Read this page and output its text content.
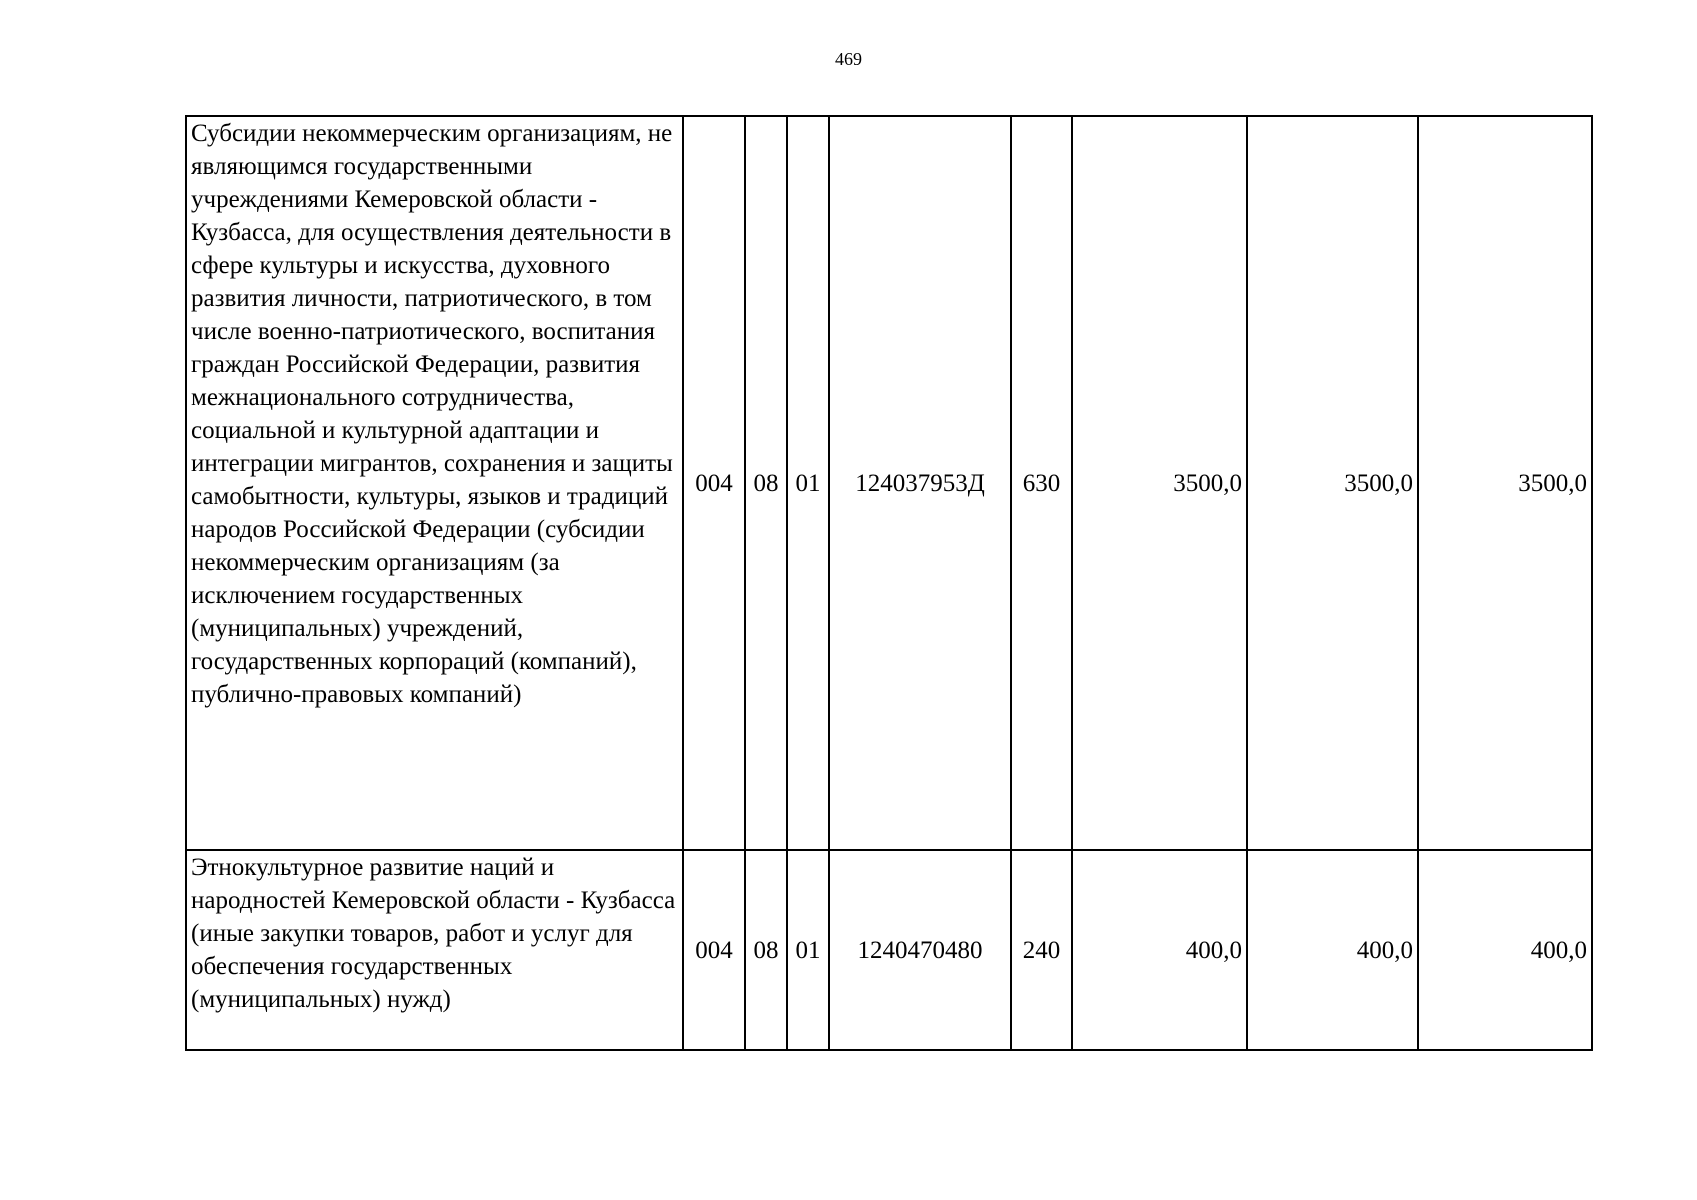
469
Субсидии некоммерческим организациям, не являющимся государственными учреждениями Кемеровской области - Кузбасса, для осуществления деятельности в сфере культуры и искусства, духовного развития личности, патриотического, в том числе военно-патриотического, воспитания граждан Российской Федерации, развития межнационального сотрудничества, социальной и культурной адаптации и интеграции мигрантов, сохранения и защиты самобытности, культуры, языков и традиций народов Российской Федерации (субсидии некоммерческим организациям (за исключением государственных (муниципальных) учреждений, государственных корпораций (компаний), публично-правовых компаний)	004	08	01	124037953Д	630	3500,0	3500,0	3500,0
Этнокультурное развитие наций и народностей Кемеровской области - Кузбасса (иные закупки товаров, работ и услуг для обеспечения государственных (муниципальных) нужд)	004	08	01	1240470480	240	400,0	400,0	400,0
